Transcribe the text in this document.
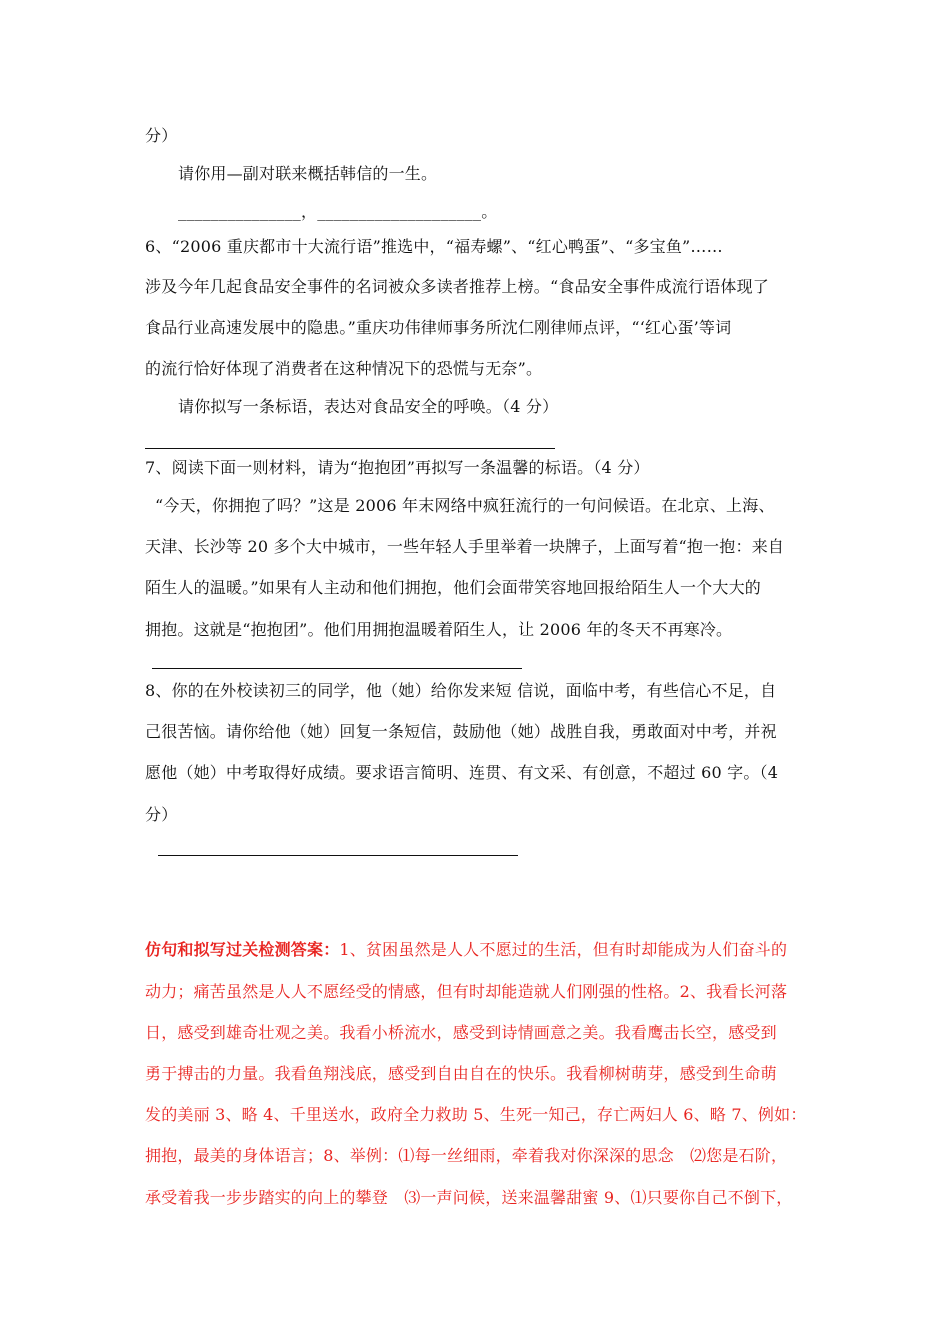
分）
请你用—副对联来概括韩信的一生。
_______________，____________________。
6、“2006 重庆都市十大流行语”推选中，“福寿螺”、“红心鸭蛋”、“多宝鱼”……
涉及今年几起食品安全事件的名词被众多读者推荐上榜。“食品安全事件成流行语体现了
食品行业高速发展中的隐患。”重庆功伟律师事务所沈仁刚律师点评，“‘红心蛋’等词
的流行恰好体现了消费者在这种情况下的恐慌与无奈”。
请你拟写一条标语，表达对食品安全的呼唤。（4 分）
7、阅读下面一则材料，请为“抱抱团”再拟写一条温馨的标语。（4 分）
“今天，你拥抱了吗？”这是 2006 年末网络中疯狂流行的一句问候语。在北京、上海、
天津、长沙等 20 多个大中城市，一些年轻人手里举着一块牌子，上面写着“抱一抱：来自
陌生人的温暖。”如果有人主动和他们拥抱，他们会面带笑容地回报给陌生人一个大大的
拥抱。这就是“抱抱团”。他们用拥抱温暖着陌生人，让 2006 年的冬天不再寒冷。
8、你的在外校读初三的同学，他（她）给你发来短 信说，面临中考，有些信心不足，自
己很苦恼。请你给他（她）回复一条短信，鼓励他（她）战胜自我，勇敢面对中考，并祝
愿他（她）中考取得好成绩。要求语言简明、连贯、有文采、有创意，不超过 60 字。（4
分）
仿句和拟写过关检测答案：1、贫困虽然是人人不愿过的生活，但有时却能成为人们奋斗的
动力；痛苦虽然是人人不愿经受的情感，但有时却能造就人们刚强的性格。2、我看长河落
日，感受到雄奇壮观之美。我看小桥流水，感受到诗情画意之美。我看鹰击长空，感受到
勇于搏击的力量。我看鱼翔浅底，感受到自由自在的快乐。我看柳树萌芽，感受到生命萌
发的美丽 3、略 4、千里送水，政府全力救助 5、生死一知己，存亡两妇人 6、略 7、例如：
拥抱，最美的身体语言；8、举例：⑴每一丝细雨，牵着我对你深深的思念　⑵您是石阶，
承受着我一步步踏实的向上的攀登　⑶一声问候，送来温馨甜蜜 9、⑴只要你自己不倒下，
